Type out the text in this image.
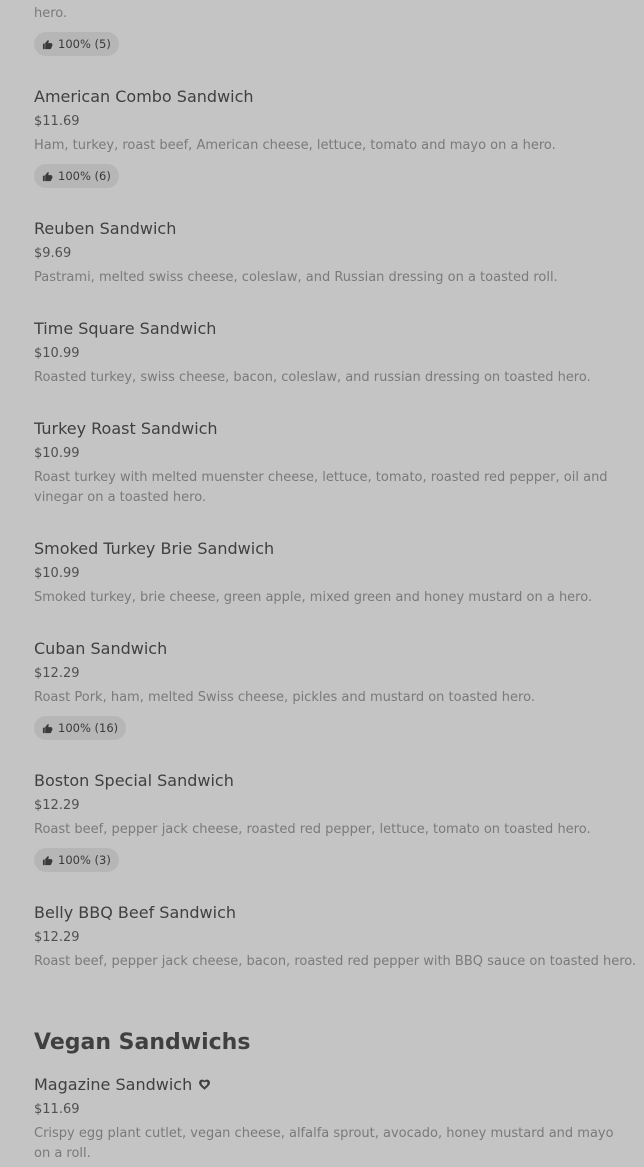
hero.
100% (5)
American Combo Sandwich
$11.69
Ham, turkey, roast beef, American cheese, lettuce, tomato and mayo on a hero.
100% (6)
Reuben Sandwich
$9.69
Pastrami, melted swiss cheese, coleslaw, and Russian dressing on a toasted roll.
Time Square Sandwich
$10.99
Roasted turkey, swiss cheese, bacon, coleslaw, and russian dressing on toasted hero.
Turkey Roast Sandwich
$10.99
Roast turkey with melted muenster cheese, lettuce, tomato, roasted red pepper, oil and vinegar on a toasted hero.
Smoked Turkey Brie Sandwich
$10.99
Smoked turkey, brie cheese, green apple, mixed green and honey mustard on a hero.
Cuban Sandwich
$12.29
Roast Pork, ham, melted Swiss cheese, pickles and mustard on toasted hero.
100% (16)
Boston Special Sandwich
$12.29
Roast beef, pepper jack cheese, roasted red pepper, lettuce, tomato on toasted hero.
100% (3)
Belly BBQ Beef Sandwich
$12.29
Roast beef, pepper jack cheese, bacon, roasted red pepper with BBQ sauce on toasted hero.
Vegan Sandwichs
Magazine Sandwich
$11.69
Crispy egg plant cutlet, vegan cheese, alfalfa sprout, avocado, honey mustard and mayo on a roll.
